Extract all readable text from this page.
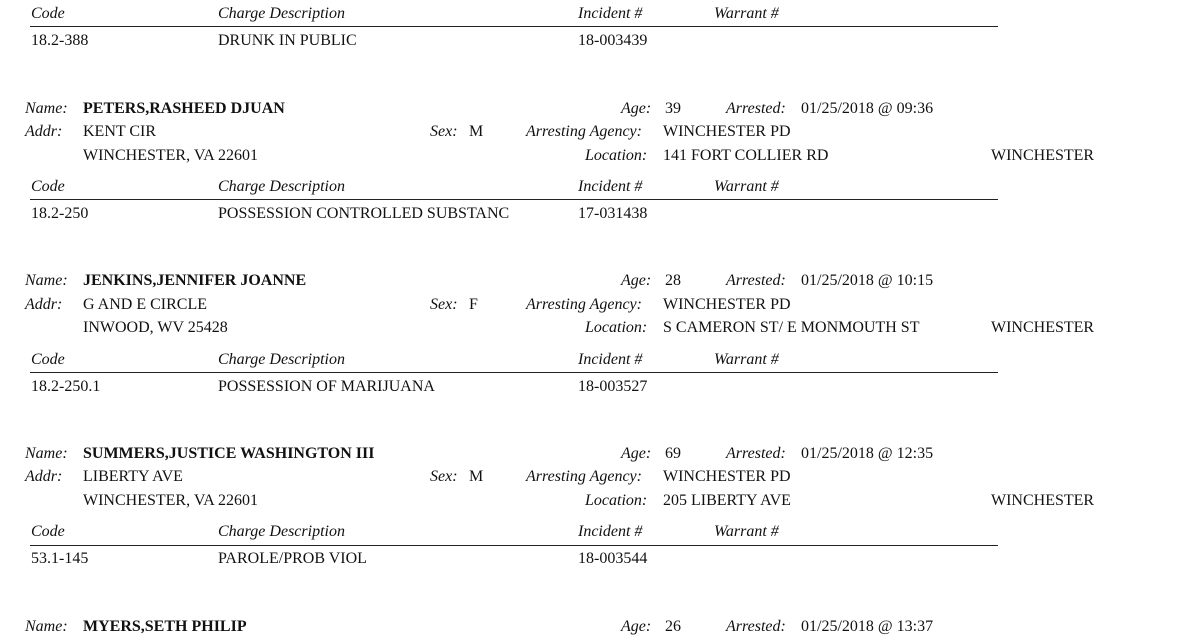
Code	Charge Description	Incident #	Warrant #
18.2-388	DRUNK IN PUBLIC	18-003439
Name: PETERS,RASHEED DJUAN	Age: 39	Arrested: 01/25/2018 @ 09:36
Addr: KENT CIR	Sex: M	Arresting Agency: WINCHESTER PD
WINCHESTER, VA 22601	Location: 141 FORT COLLIER RD	WINCHESTER
Code	Charge Description	Incident #	Warrant #
18.2-250	POSSESSION CONTROLLED SUBSTANC	17-031438
Name: JENKINS,JENNIFER JOANNE	Age: 28	Arrested: 01/25/2018 @ 10:15
Addr: G AND E CIRCLE	Sex: F	Arresting Agency: WINCHESTER PD
INWOOD, WV 25428	Location: S CAMERON ST/ E MONMOUTH ST	WINCHESTER
Code	Charge Description	Incident #	Warrant #
18.2-250.1	POSSESSION OF MARIJUANA	18-003527
Name: SUMMERS,JUSTICE WASHINGTON III	Age: 69	Arrested: 01/25/2018 @ 12:35
Addr: LIBERTY AVE	Sex: M	Arresting Agency: WINCHESTER PD
WINCHESTER, VA 22601	Location: 205 LIBERTY AVE	WINCHESTER
Code	Charge Description	Incident #	Warrant #
53.1-145	PAROLE/PROB VIOL	18-003544
Name: MYERS,SETH PHILIP	Age: 26	Arrested: 01/25/2018 @ 13:37
